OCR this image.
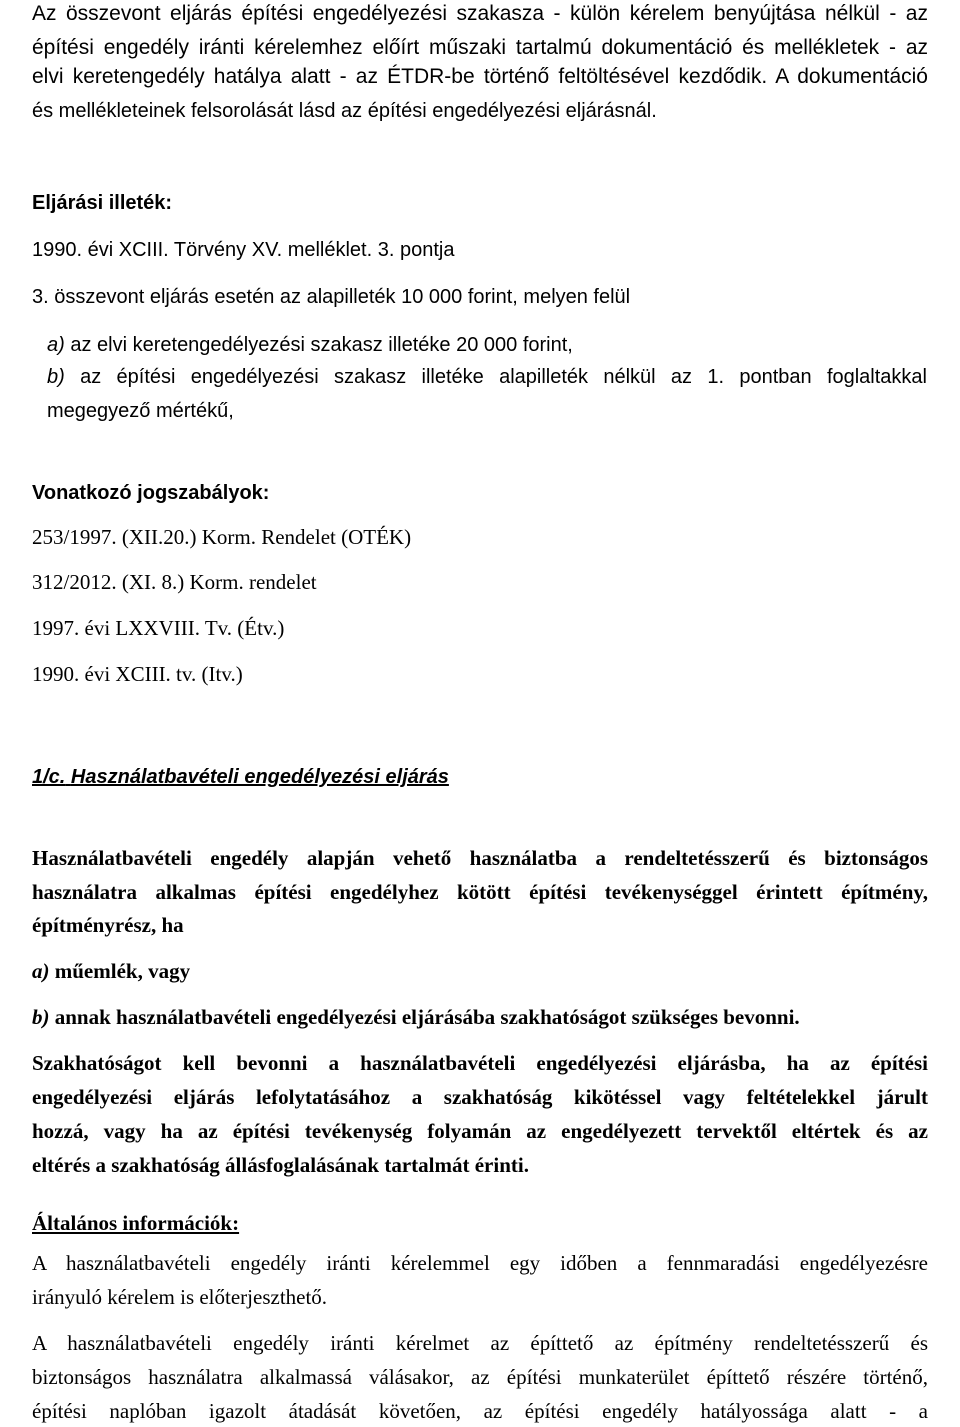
Az összevont eljárás építési engedélyezési szakasza - külön kérelem benyújtása nélkül - az
építési engedély iránti kérelemhez előírt műszaki tartalmú dokumentáció és mellékletek - az
elvi keretengedély hatálya alatt - az ÉTDR-be történő feltöltésével kezdődik. A dokumentáció
és mellékleteinek felsorolását lásd az építési engedélyezési eljárásnál.
Eljárási illeték:
1990. évi XCIII. Törvény XV. melléklet. 3. pontja
3. összevont eljárás esetén az alapilleték 10 000 forint, melyen felül
a) az elvi keretengedélyezési szakasz illetéke 20 000 forint,
b) az építési engedélyezési szakasz illetéke alapilleték nélkül az 1. pontban foglaltakkal
megegyező mértékű,
Vonatkozó jogszabályok:
253/1997. (XII.20.) Korm. Rendelet (OTÉK)
312/2012. (XI. 8.) Korm. rendelet
1997. évi LXXVIII. Tv. (Étv.)
1990. évi XCIII. tv. (Itv.)
1/c. Használatbavételi engedélyezési eljárás
Használatbavételi engedély alapján vehető használatba a rendeltetésszerű és biztonságos
használatra alkalmas építési engedélyhez kötött építési tevékenységgel érintett építmény,
építményrész, ha
a) műemlék, vagy
b) annak használatbavételi engedélyezési eljárásába szakhatóságot szükséges bevonni.
Szakhatóságot kell bevonni a használatbavételi engedélyezési eljárásba, ha az építési
engedélyezési eljárás lefolytatásához a szakhatóság kikötéssel vagy feltételekkel járult
hozzá, vagy ha az építési tevékenység folyamán az engedélyezett tervektől eltértek és az
eltérés a szakhatóság állásfoglalásának tartalmát érinti.
Általános információk:
A használatbavételi engedély iránti kérelemmel egy időben a fennmaradási engedélyezésre
irányuló kérelem is előterjeszthető.
A használatbavételi engedély iránti kérelmet az építtető az építmény rendeltetésszerű és
biztonságos használatra alkalmassá válásakor, az építési munkaterület építtető részére történő,
építési naplóban igazolt átadását követően, az építési engedély hatályossága alatt - a
